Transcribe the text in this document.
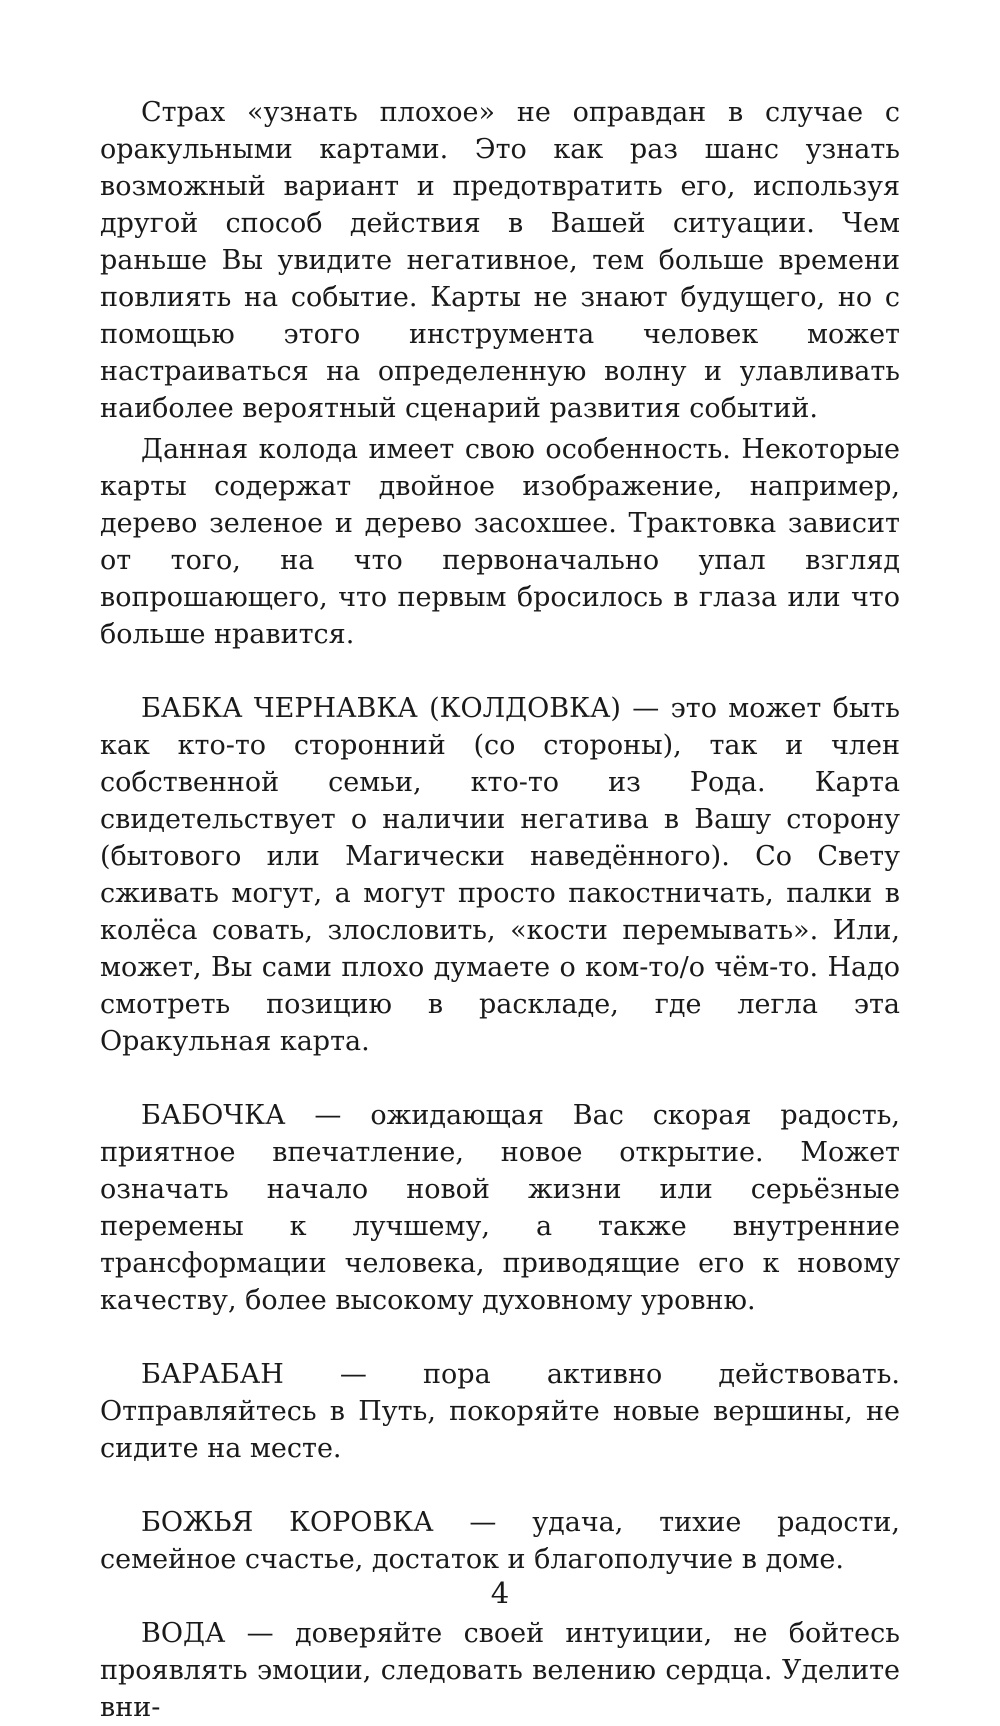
Страх «узнать плохое» не оправдан в случае с оракульными картами. Это как раз шанс узнать возможный вариант и предотвратить его, используя другой способ действия в Вашей ситуации. Чем раньше Вы увидите негативное, тем больше времени повлиять на событие. Карты не знают будущего, но с помощью этого инструмента человек может настраиваться на определенную волну и улавливать наиболее вероятный сценарий развития событий.

Данная колода имеет свою особенность. Некоторые карты содержат двойное изображение, например, дерево зеленое и дерево засохшее. Трактовка зависит от того, на что первоначально упал взгляд вопрошающего, что первым бросилось в глаза или что больше нравится.

БАБКА ЧЕРНАВКА (КОЛДОВКА) — это может быть как кто-то сторонний (со стороны), так и член собственной семьи, кто-то из Рода. Карта свидетельствует о наличии негатива в Вашу сторону (бытового или Магически наведённого). Со Свету сживать могут, а могут просто пакостничать, палки в колёса совать, злословить, «кости перемывать». Или, может, Вы сами плохо думаете о ком-то/о чём-то. Надо смотреть позицию в раскладе, где легла эта Оракульная карта.

БАБОЧКА — ожидающая Вас скорая радость, приятное впечатление, новое открытие. Может означать начало новой жизни или серьёзные перемены к лучшему, а также внутренние трансформации человека, приводящие его к новому качеству, более высокому духовному уровню.

БАРАБАН — пора активно действовать. Отправляйтесь в Путь, покоряйте новые вершины, не сидите на месте.

БОЖЬЯ КОРОВКА — удача, тихие радости, семейное счастье, достаток и благополучие в доме.

ВОДА — доверяйте своей интуиции, не бойтесь проявлять эмоции, следовать велению сердца. Уделите вни-

4
